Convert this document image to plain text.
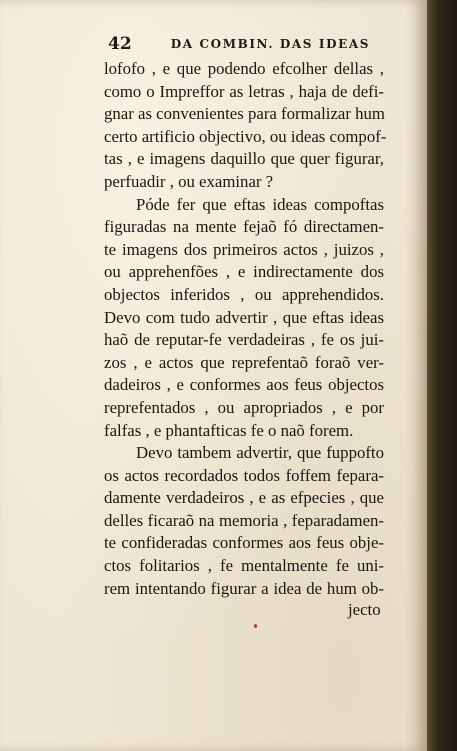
42	DA COMBIN. DAS IDEAS
lofofo , e que podendo efcolher dellas ,
como o Impreffor as letras , haja de defi-
gnar as convenientes para formalizar hum
certo artificio objectivo, ou ideas compof-
tas , e imagens daquillo que quer figurar,
perfuadir , ou examinar ?
Póde fer que eftas ideas compoftas
figuradas na mente fejaõ fó directamen-
te imagens dos primeiros actos , juizos ,
ou apprehenfões , e indirectamente dos
objectos inferidos , ou apprehendidos.
Devo com tudo advertir , que eftas ideas
haõ de reputar-fe verdadeiras , fe os jui-
zos , e actos que reprefentaõ foraõ ver-
dadeiros , e conformes aos feus objectos
reprefentados , ou apropriados , e por
falfas , e phantafticas fe o naõ forem.
Devo tambem advertir, que fuppofto
os actos recordados todos foffem fepara-
damente verdadeiros , e as efpecies , que
delles ficaraõ na memoria , feparadamen-
te confideradas conformes aos feus obje-
ctos folitarios , fe mentalmente fe uni-
rem intentando figurar a idea de hum ob-
jecto
